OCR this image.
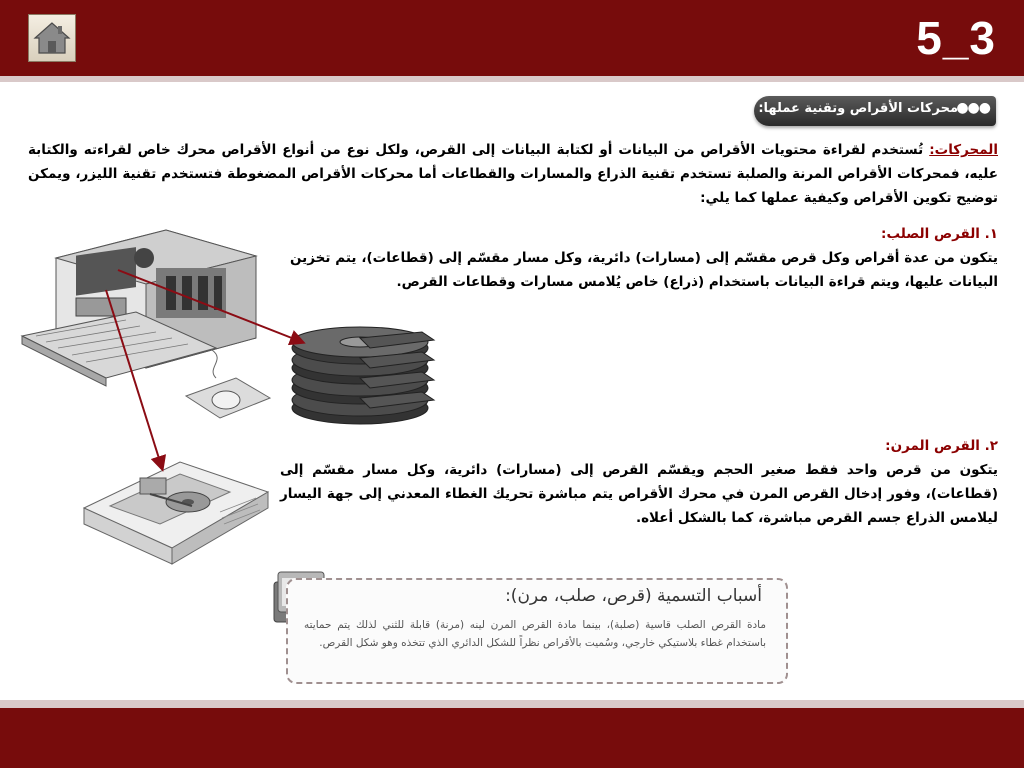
5_3
●●●
محركات الأقراص وتقنية عملها:
المحركات: تُستخدم لقراءة محتويات الأقراص من البيانات أو لكتابة البيانات إلى القرص، ولكل نوع من أنواع الأقراص محرك خاص لقراءته والكتابة عليه، فمحركات الأقراص المرنة والصلبة تستخدم تقنية الذراع والمسارات والقطاعات أما محركات الأقراص المضغوطة فتستخدم تقنية الليزر، ويمكن توضيح تكوين الأقراص وكيفية عملها كما يلي:
١. القرص الصلب:
يتكون من عدة أقراص وكل قرص مقسّم إلى (مسارات) دائرية، وكل مسار مقسّم إلى (قطاعات)، يتم تخزين البيانات عليها، ويتم قراءة البيانات باستخدام (ذراع) خاص يُلامس مسارات وقطاعات القرص.
٢. القرص المرن:
يتكون من قرص واحد فقط صغير الحجم ويقسّم القرص إلى (مسارات) دائرية، وكل مسار مقسّم إلى (قطاعات)، وفور إدخال القرص المرن في محرك الأقراص يتم مباشرة تحريك الغطاء المعدني إلى جهة اليسار ليلامس الذراع جسم القرص مباشرة، كما بالشكل أعلاه.
أسباب التسمية (قرص، صلب، مرن):
مادة القرص الصلب قاسية (صلبة)، بينما مادة القرص المرن لينه (مرنة) قابلة للثني لذلك يتم حمايته باستخدام غطاء بلاستيكي خارجي، وسُميت بالأقراص نظراً للشكل الدائري الذي تتخذه وهو شكل القرص.
